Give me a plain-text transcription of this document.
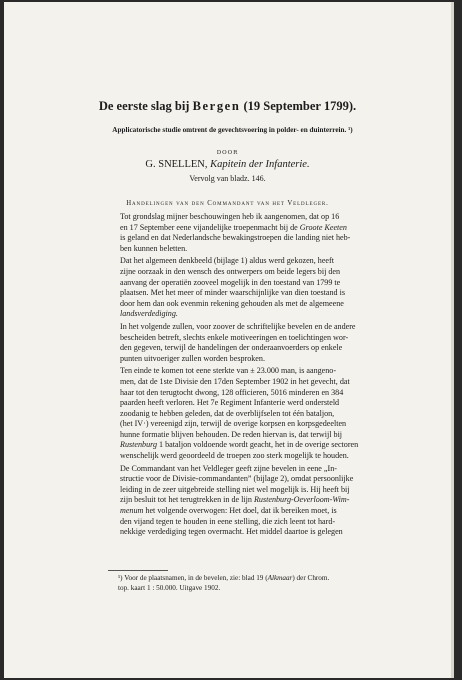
De eerste slag bij Bergen (19 September 1799).
Applicatorische studie omtrent de gevechtsvoering in polder- en duinterrein. ¹)
DOOR
G. SNELLEN, Kapitein der Infanterie.
Vervolg van bladz. 146.
Handelingen van den Commandant van het Veldleger.

Tot grondslag mijner beschouwingen heb ik aangenomen, dat op 16
en 17 September eene vijandelijke troepenmacht bij de Groote Keeten
is geland en dat Nederlandsche bewakingstroepen die landing niet heb-
ben kunnen beletten.

Dat het algemeen denkbeeld (bijlage 1) aldus werd gekozen, heeft
zijne oorzaak in den wensch des ontwerpers om beide legers bij den
aanvang der operatiën zooveel mogelijk in den toestand van 1799 te
plaatsen. Met het meer of minder waarschijnlijke van dien toestand is
door hem dan ook evenmin rekening gehouden als met de algemeene
landsverdediging.

In het volgende zullen, voor zoover de schriftelijke bevelen en de andere
bescheiden betreft, slechts enkele motiveeringen en toelichtingen wor-
den gegeven, terwijl de handelingen der onderaanvoerders op enkele
punten uitvoeriger zullen worden besproken.

Ten einde te komen tot eene sterkte van ± 23.000 man, is aangeno-
men, dat de 1ste Divisie den 17den September 1902 in het gevecht, dat
haar tot den terugtocht dwong, 128 officieren, 5016 minderen en 384
paarden heeft verloren. Het 7e Regiment Infanterie werd ondersteld
zoodanig te hebben geleden, dat de overblijfselen tot één bataljon,
(het IV·) vereenigd zijn, terwijl de overige korpsen en korpsgedeelten
hunne formatie blijven behouden. De reden hiervan is, dat terwijl bij
Rustenburg 1 bataljon voldoende wordt geacht, het in de overige sectoren
wenschelijk werd geoordeeld de troepen zoo sterk mogelijk te houden.

De Commandant van het Veldleger geeft zijne bevelen in eene „In-
structie voor de Divisie-commandanten” (bijlage 2), omdat persoonlijke
leiding in de zeer uitgebreide stelling niet wel mogelijk is. Hij heeft bij
zijn besluit tot het terugtrekken in de lijn Rustenburg-Oeverloom-Wim-
menum het volgende overwogen: Het doel, dat ik bereiken moet, is
den vijand tegen te houden in eene stelling, die zich leent tot hard-
nekkige verdediging tegen overmacht. Het middel daartoe is gelegen

¹) Voor de plaatsnamen, in de bevelen, zie: blad 19 (Alkmaar) der Chrom.
top. kaart 1 : 50.000. Uitgave 1902.
